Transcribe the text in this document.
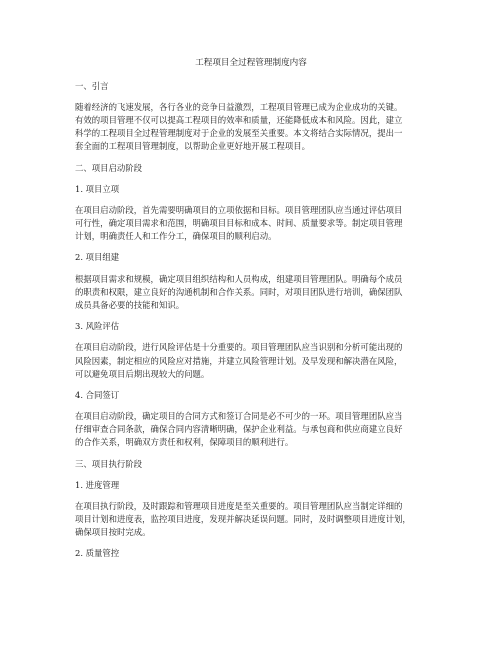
工程项目全过程管理制度内容
一、引言
随着经济的飞速发展，各行各业的竞争日益激烈，工程项目管理已成为企业成功的关键。
有效的项目管理不仅可以提高工程项目的效率和质量，还能降低成本和风险。因此，建立
科学的工程项目全过程管理制度对于企业的发展至关重要。本文将结合实际情况，提出一
套全面的工程项目管理制度，以帮助企业更好地开展工程项目。
二、项目启动阶段
1. 项目立项
在项目启动阶段，首先需要明确项目的立项依据和目标。项目管理团队应当通过评估项目
可行性，确定项目需求和范围，明确项目目标和成本、时间、质量要求等。制定项目管理
计划，明确责任人和工作分工，确保项目的顺利启动。
2. 项目组建
根据项目需求和规模，确定项目组织结构和人员构成，组建项目管理团队。明确每个成员
的职责和权限，建立良好的沟通机制和合作关系。同时，对项目团队进行培训，确保团队
成员具备必要的技能和知识。
3. 风险评估
在项目启动阶段，进行风险评估是十分重要的。项目管理团队应当识别和分析可能出现的
风险因素，制定相应的风险应对措施，并建立风险管理计划。及早发现和解决潜在风险，
可以避免项目后期出现较大的问题。
4. 合同签订
在项目启动阶段，确定项目的合同方式和签订合同是必不可少的一环。项目管理团队应当
仔细审查合同条款，确保合同内容清晰明确，保护企业利益。与承包商和供应商建立良好
的合作关系，明确双方责任和权利，保障项目的顺利进行。
三、项目执行阶段
1. 进度管理
在项目执行阶段，及时跟踪和管理项目进度是至关重要的。项目管理团队应当制定详细的
项目计划和进度表，监控项目进度，发现并解决延误问题。同时，及时调整项目进度计划，
确保项目按时完成。
2. 质量管控
